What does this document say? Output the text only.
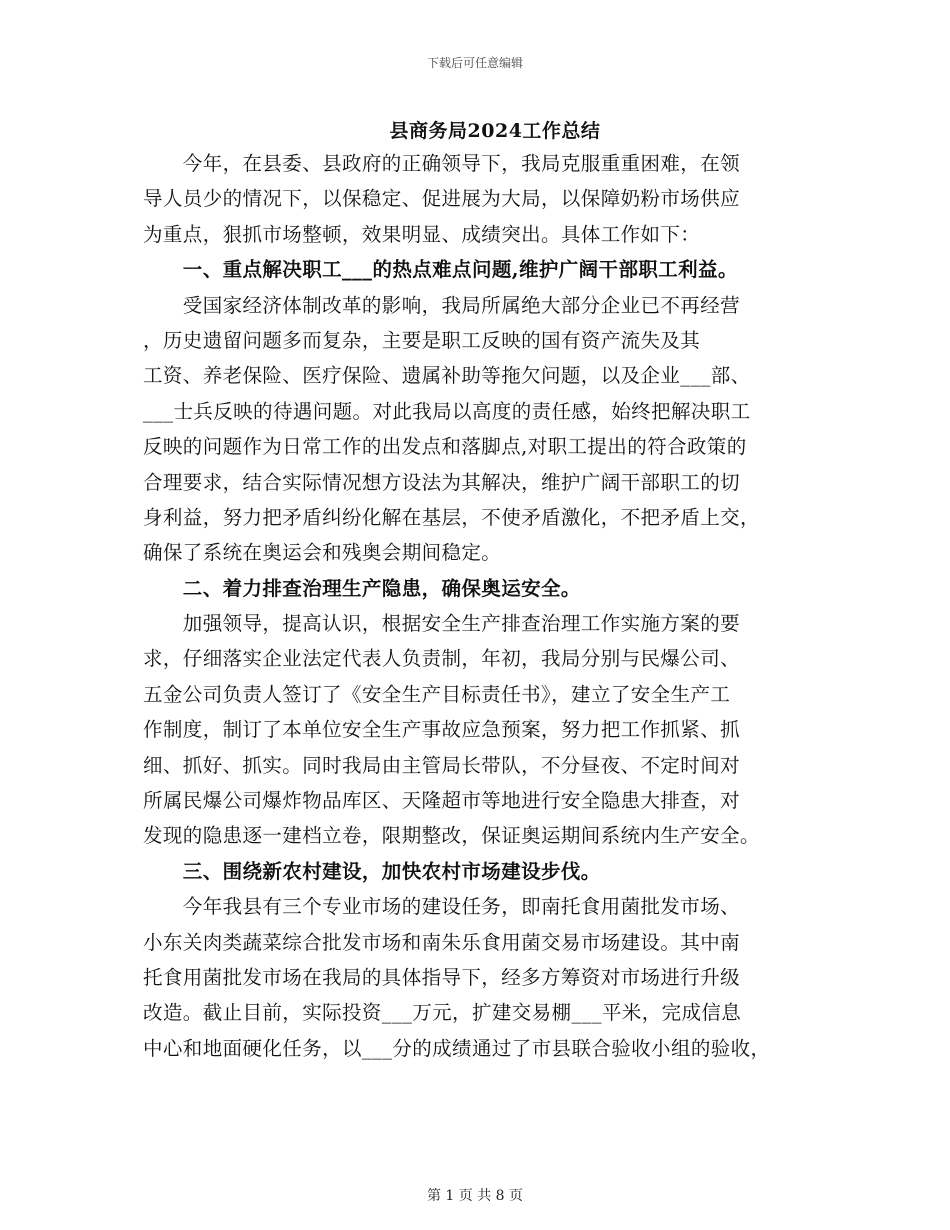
下载后可任意编辑
县商务局2024工作总结
　　今年，在县委、县政府的正确领导下，我局克服重重困难，在领
导人员少的情况下，以保稳定、促进展为大局，以保障奶粉市场供应
为重点，狠抓市场整顿，效果明显、成绩突出。具体工作如下：
　　一、重点解决职工___的热点难点问题,维护广阔干部职工利益。
　　受国家经济体制改革的影响，我局所属绝大部分企业已不再经营
，历史遗留问题多而复杂，主要是职工反映的国有资产流失及其
工资、养老保险、医疗保险、遗属补助等拖欠问题，以及企业___部、
___士兵反映的待遇问题。对此我局以高度的责任感，始终把解决职工
反映的问题作为日常工作的出发点和落脚点,对职工提出的符合政策的
合理要求，结合实际情况想方设法为其解决，维护广阔干部职工的切
身利益，努力把矛盾纠纷化解在基层，不使矛盾激化，不把矛盾上交，
确保了系统在奥运会和残奥会期间稳定。
　　二、着力排查治理生产隐患，确保奥运安全。
　　加强领导，提高认识，根据安全生产排查治理工作实施方案的要
求，仔细落实企业法定代表人负责制，年初，我局分别与民爆公司、
五金公司负责人签订了《安全生产目标责任书》，建立了安全生产工
作制度，制订了本单位安全生产事故应急预案，努力把工作抓紧、抓
细、抓好、抓实。同时我局由主管局长带队，不分昼夜、不定时间对
所属民爆公司爆炸物品库区、天隆超市等地进行安全隐患大排查，对
发现的隐患逐一建档立卷，限期整改，保证奥运期间系统内生产安全。
　　三、围绕新农村建设，加快农村市场建设步伐。
　　今年我县有三个专业市场的建设任务，即南托食用菌批发市场、
小东关肉类蔬菜综合批发市场和南朱乐食用菌交易市场建设。其中南
托食用菌批发市场在我局的具体指导下，经多方筹资对市场进行升级
改造。截止目前，实际投资___万元，扩建交易棚___平米，完成信息
中心和地面硬化任务，以___分的成绩通过了市县联合验收小组的验收，
第 1 页 共 8 页
